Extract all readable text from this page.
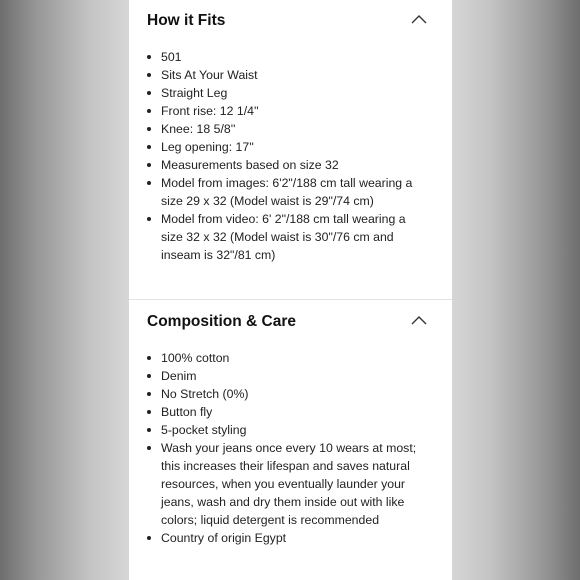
How it Fits
501
Sits At Your Waist
Straight Leg
Front rise: 12 1/4''
Knee: 18 5/8''
Leg opening: 17''
Measurements based on size 32
Model from images: 6'2"/188 cm tall wearing a size 29 x 32 (Model waist is 29"/74 cm)
Model from video: 6' 2"/188 cm tall wearing a size 32 x 32 (Model waist is 30"/76 cm and inseam is 32"/81 cm)
Composition & Care
100% cotton
Denim
No Stretch (0%)
Button fly
5-pocket styling
Wash your jeans once every 10 wears at most; this increases their lifespan and saves natural resources, when you eventually launder your jeans, wash and dry them inside out with like colors; liquid detergent is recommended
Country of origin Egypt
